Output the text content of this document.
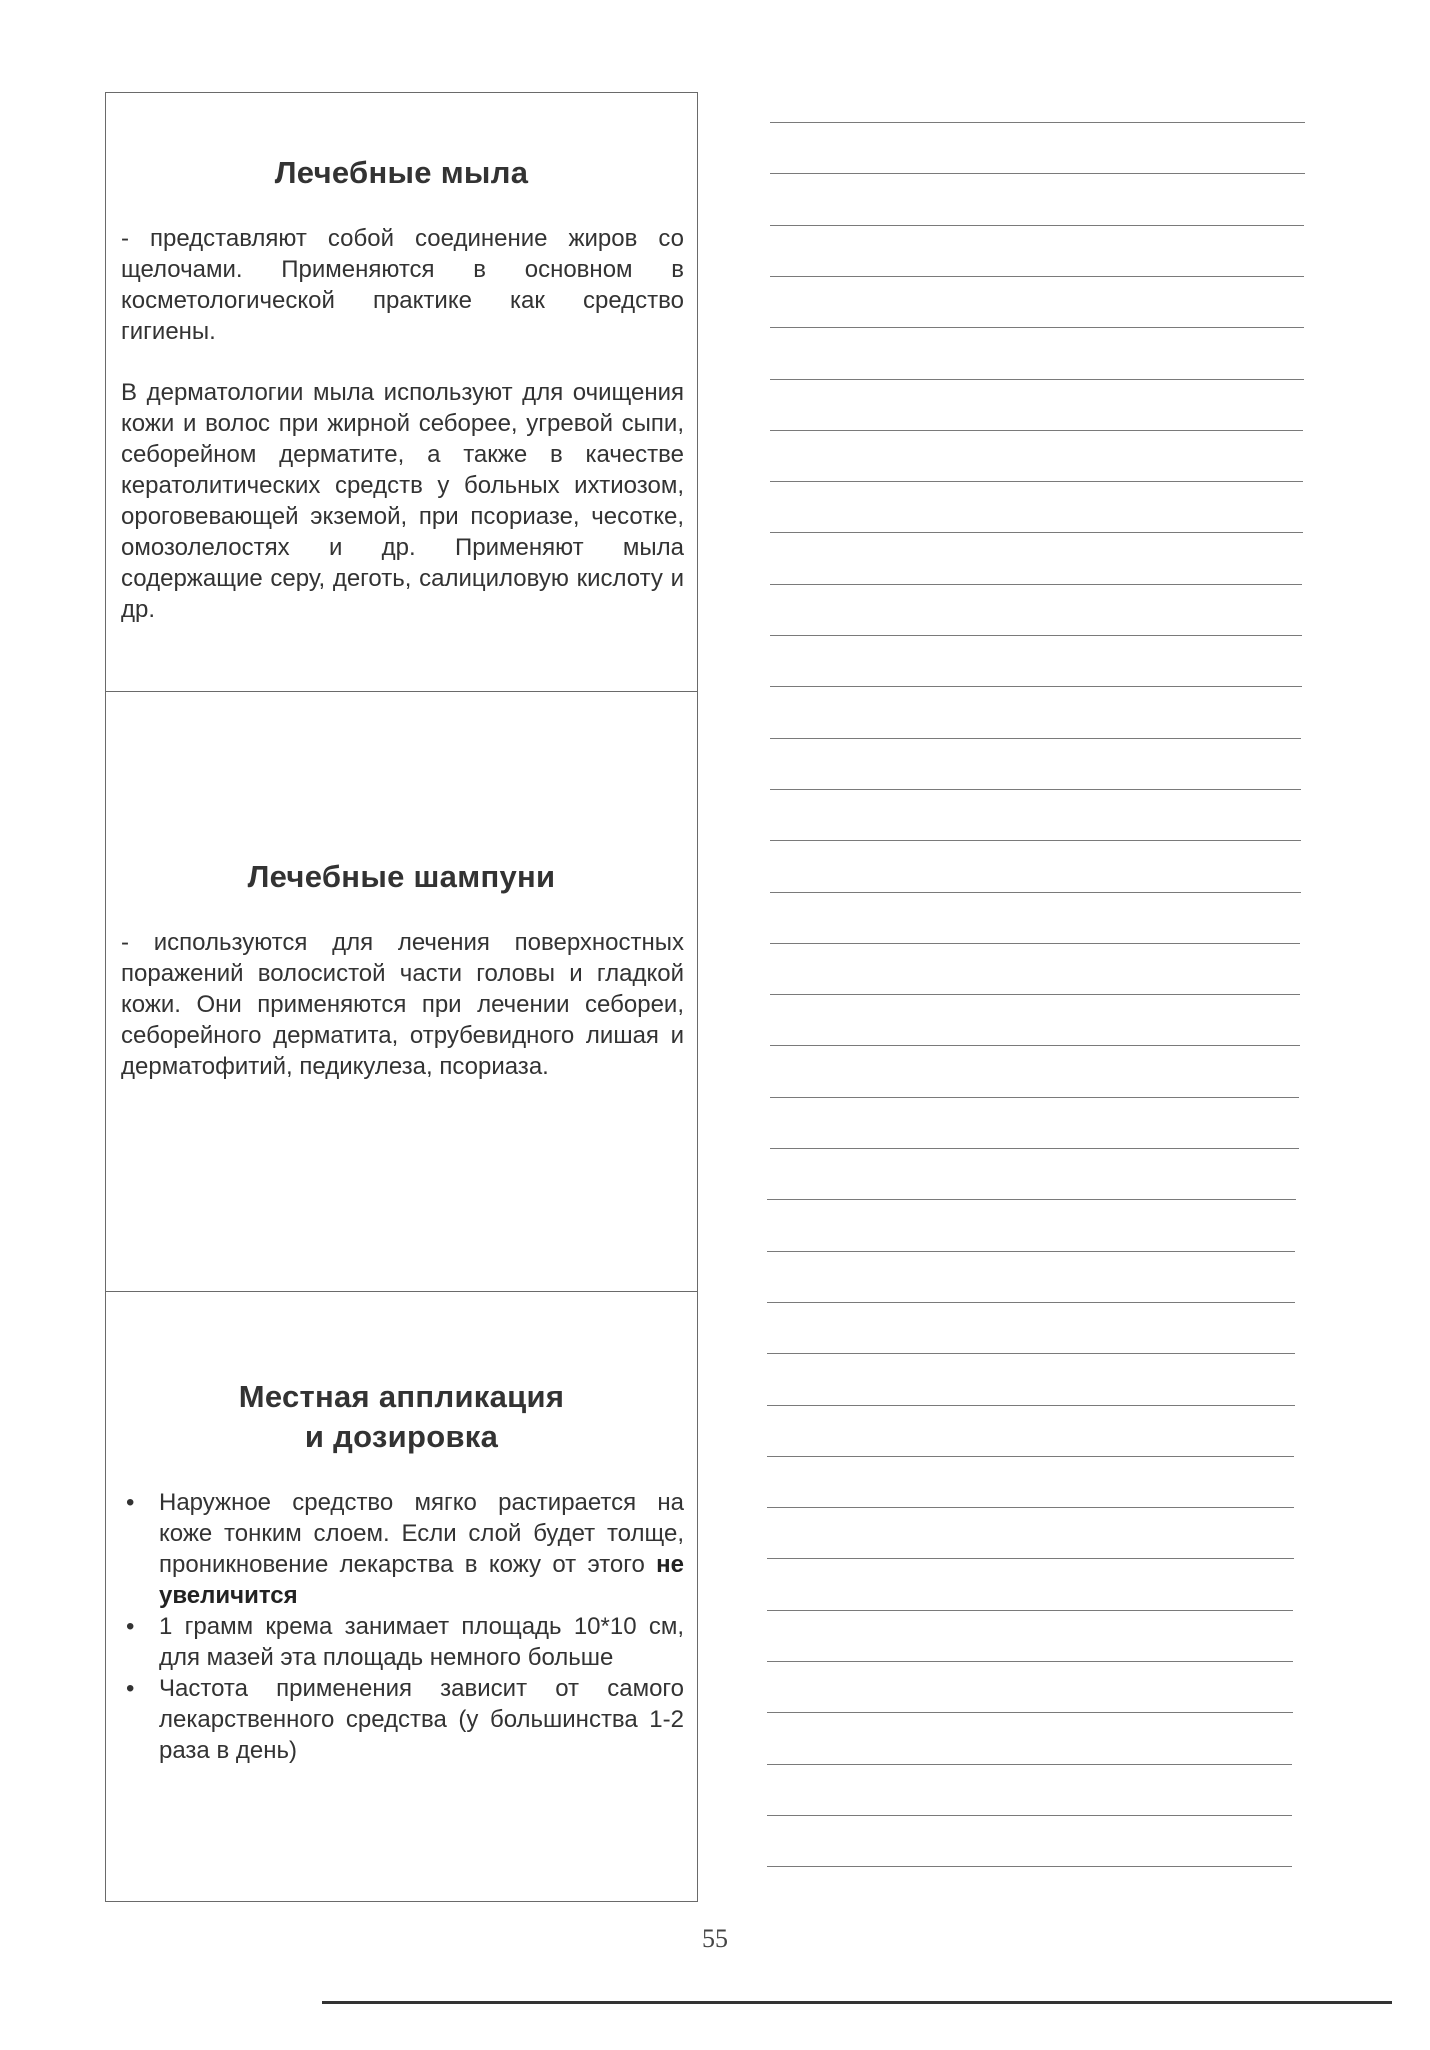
Лечебные мыла

- представляют собой соединение жиров со щелочами. Применяются в основном в косметологической практике как средство гигиены.

В дерматологии мыла используют для очищения кожи и волос при жирной себорее, угревой сыпи, себорейном дерматите, а также в качестве кератолитических средств у больных ихтиозом, ороговевающей экземой, при псориазе, чесотке, омозолелостях и др. Применяют мыла содержащие серу, деготь, салициловую кислоту и др.

Лечебные шампуни

- используются для лечения поверхностных поражений волосистой части головы и гладкой кожи. Они применяются при лечении себореи, себорейного дерматита, отрубевидного лишая и дерматофитий, педикулеза, псориаза.

Местная аппликация
и дозировка
• Наружное средство мягко растирается на коже тонким слоем. Если слой будет толще, проникновение лекарства в кожу от этого не увеличится
• 1 грамм крема занимает площадь 10*10 см, для мазей эта площадь немного больше
• Частота применения зависит от самого лекарственного средства (у большинства 1-2 раза в день)
55
